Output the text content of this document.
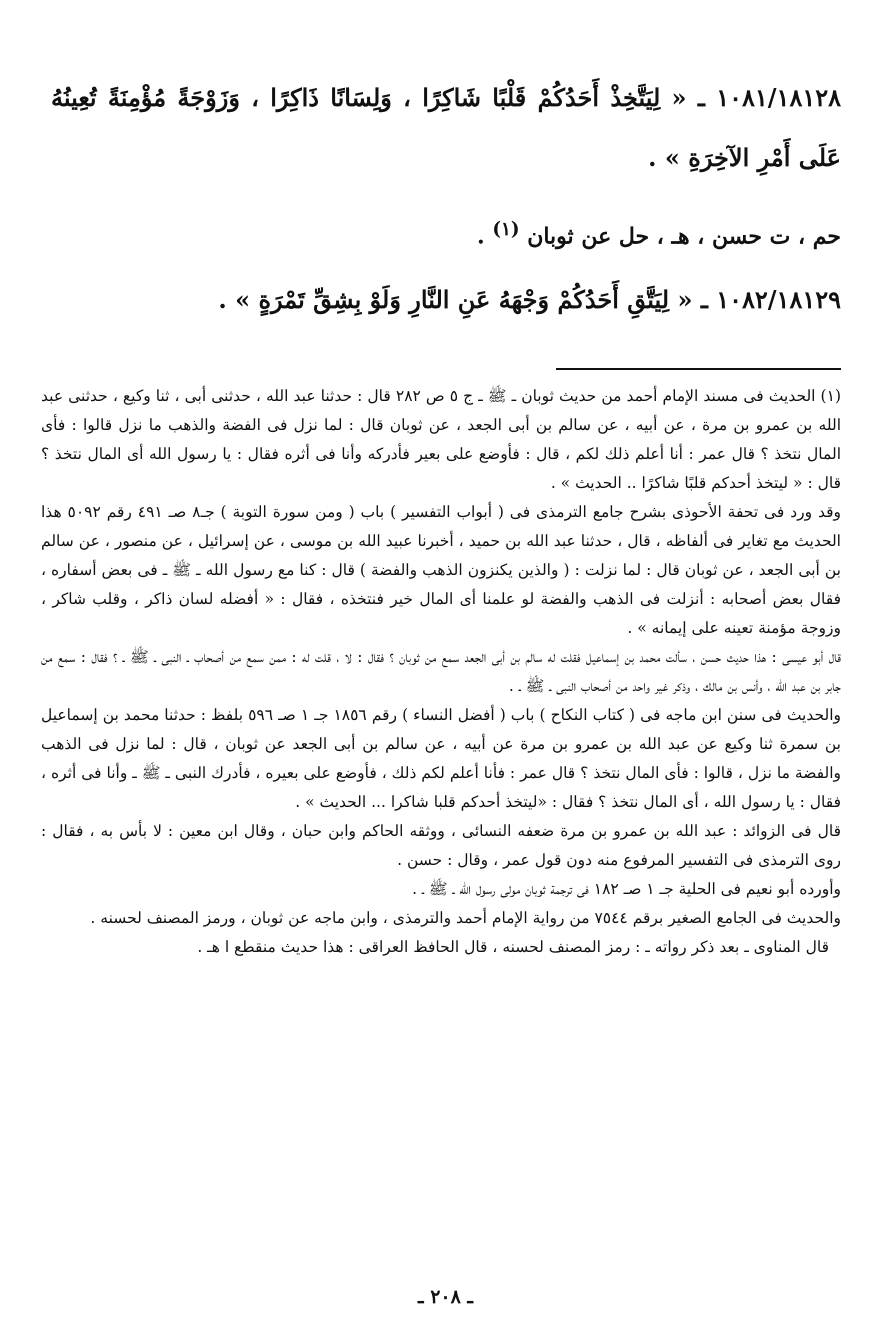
١٠٨١/١٨١٢٨ ـ « لِيَتَّخِذْ أَحَدُكُمْ قَلْبًا شَاكِرًا ، وَلِسَانًا ذَاكِرًا ، وَزَوْجَةً مُؤْمِنَةً تُعِينُهُ عَلَى أَمْرِ الآخِرَةِ » .
حم ، ت حسن ، هـ ، حل عن ثوبان $^{(١)}$ .
١٠٨٢/١٨١٢٩ ـ « لِيَتَّقِ أَحَدُكُمْ وَجْهَهُ عَنِ النَّارِ وَلَوْ بِشِقِّ تَمْرَةٍ » .

(١) الحديث فى مسند الإمام أحمد من حديث ثوبان ـ ﷺ ـ ج ٥ ص ٢٨٢ قال : حدثنا عبد الله ، حدثنى أبى ، ثنا وكيع ، حدثنى عبد الله بن عمرو بن مرة ، عن أبيه ، عن سالم بن أبى الجعد ، عن ثوبان قال : لما نزل فى الفضة والذهب ما نزل قالوا : فأى المال نتخذ ؟ قال عمر : أنا أعلم ذلك لكم ، قال : فأوضع على بعير فأدركه وأنا فى أثره فقال : يا رسول الله أى المال نتخذ ؟ قال : « ليتخذ أحدكم قلبًا شاكرًا .. الحديث » .

وقد ورد فى تحفة الأحوذى بشرح جامع الترمذى فى ( أبواب التفسير ) باب ( ومن سورة التوبة ) جـ٨ صـ ٤٩١ رقم ٥٠٩٢ هذا الحديث مع تغاير فى ألفاظه ، قال ، حدثنا عبد الله بن حميد ، أخبرنا عبيد الله بن موسى ، عن إسرائيل ، عن منصور ، عن سالم بن أبى الجعد ، عن ثوبان قال : لما نزلت : ( والذين يكنزون الذهب والفضة ) قال : كنا مع رسول الله ـ ﷺ ـ فى بعض أسفاره ، فقال بعض أصحابه : أنزلت فى الذهب والفضة لو علمنا أى المال خير فنتخذه ، فقال : « أفضله لسان ذاكر ، وقلب شاكر ، وزوجة مؤمنة تعينه على إيمانه » .

قال أبو عيسى : هذا حديث حسن ، سألت محمد بن إسماعيل فقلت له سالم بن أبى الجعد سمع من ثوبان ؟ فقال : لا ، قلت له : ممن سمع من أصحاب ـ النبى ـ ﷺ ـ ؟ فقال : سمع من جابر بن عبد الله ، وأنس بن مالك ، وذكر غير واحد من أصحاب النبى ـ ﷺ ـ .

والحديث فى سنن ابن ماجه فى ( كتاب النكاح ) باب ( أفضل النساء ) رقم ١٨٥٦ جـ ١ صـ ٥٩٦ بلفظ : حدثنا محمد بن إسماعيل بن سمرة ثنا وكيع عن عبد الله بن عمرو بن مرة عن أبيه ، عن سالم بن أبى الجعد عن ثوبان ، قال : لما نزل فى الذهب والفضة ما نزل ، قالوا : فأى المال نتخذ ؟ قال عمر : فأنا أعلم لكم ذلك ، فأوضع على بعيره ، فأدرك النبى ـ ﷺ ـ وأنا فى أثره ، فقال : يا رسول الله ، أى المال نتخذ ؟ فقال : «ليتخذ أحدكم قلبا شاكرا ... الحديث » .

قال فى الزوائد : عبد الله بن عمرو بن مرة ضعفه النسائى ، ووثقه الحاكم وابن حبان ، وقال ابن معين : لا بأس به ، فقال : روى الترمذى فى التفسير المرفوع منه دون قول عمر ، وقال : حسن .

وأورده أبو نعيم فى الحلية جـ ١ صـ ١٨٢ فى ترجمة ثوبان مولى رسول الله ـ ﷺ ـ .

والحديث فى الجامع الصغير برقم ٧٥٤٤ من رواية الإمام أحمد والترمذى ، وابن ماجه عن ثوبان ، ورمز المصنف لحسنه .

قال المناوى ـ بعد ذكر رواته ـ : رمز المصنف لحسنه ، قال الحافظ العراقى : هذا حديث منقطع ا هـ .

ـ ٢٠٨ ـ
